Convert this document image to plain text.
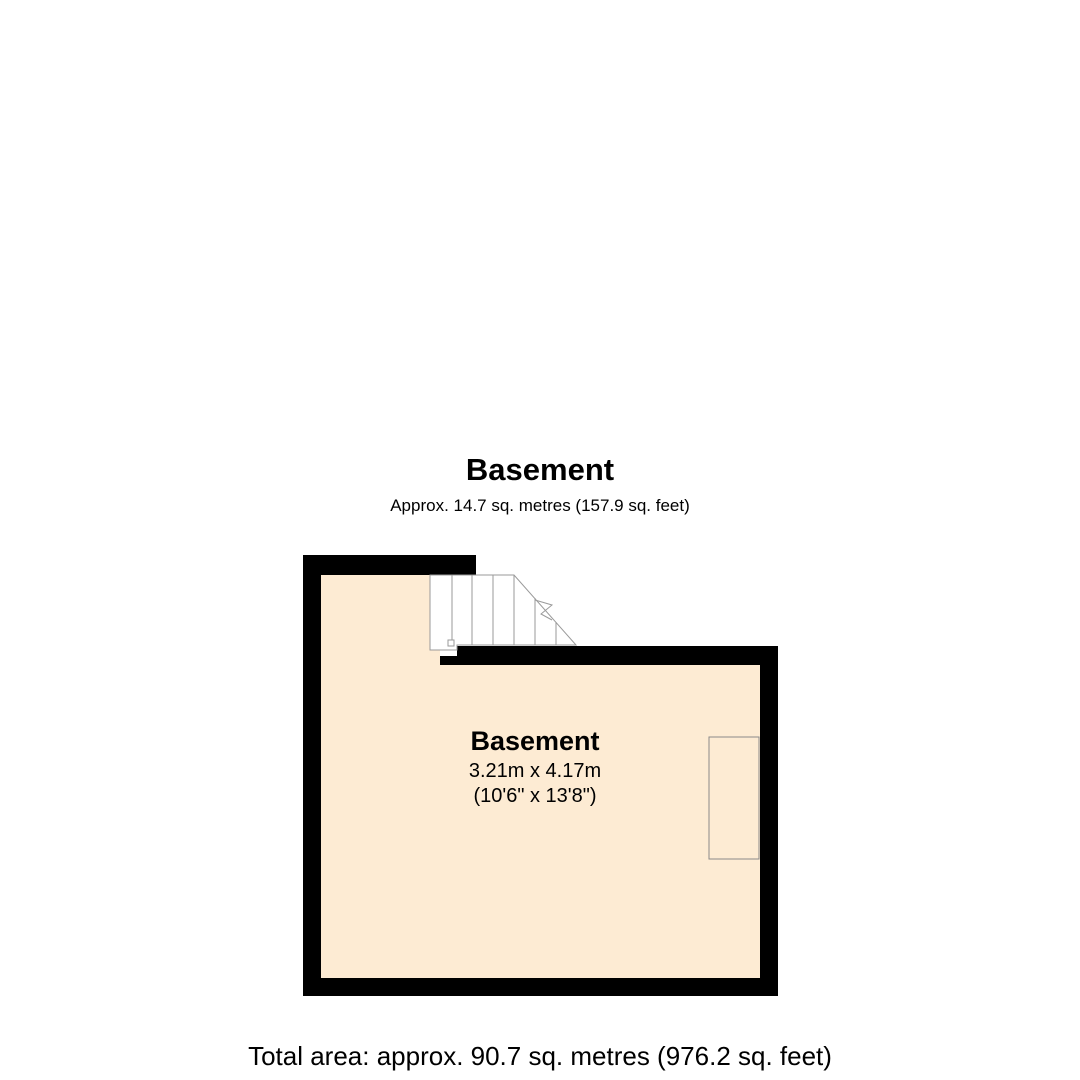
Basement
Approx. 14.7 sq. metres (157.9 sq. feet)
Basement
3.21m x 4.17m
(10'6" x 13'8")
Total area: approx. 90.7 sq. metres (976.2 sq. feet)
